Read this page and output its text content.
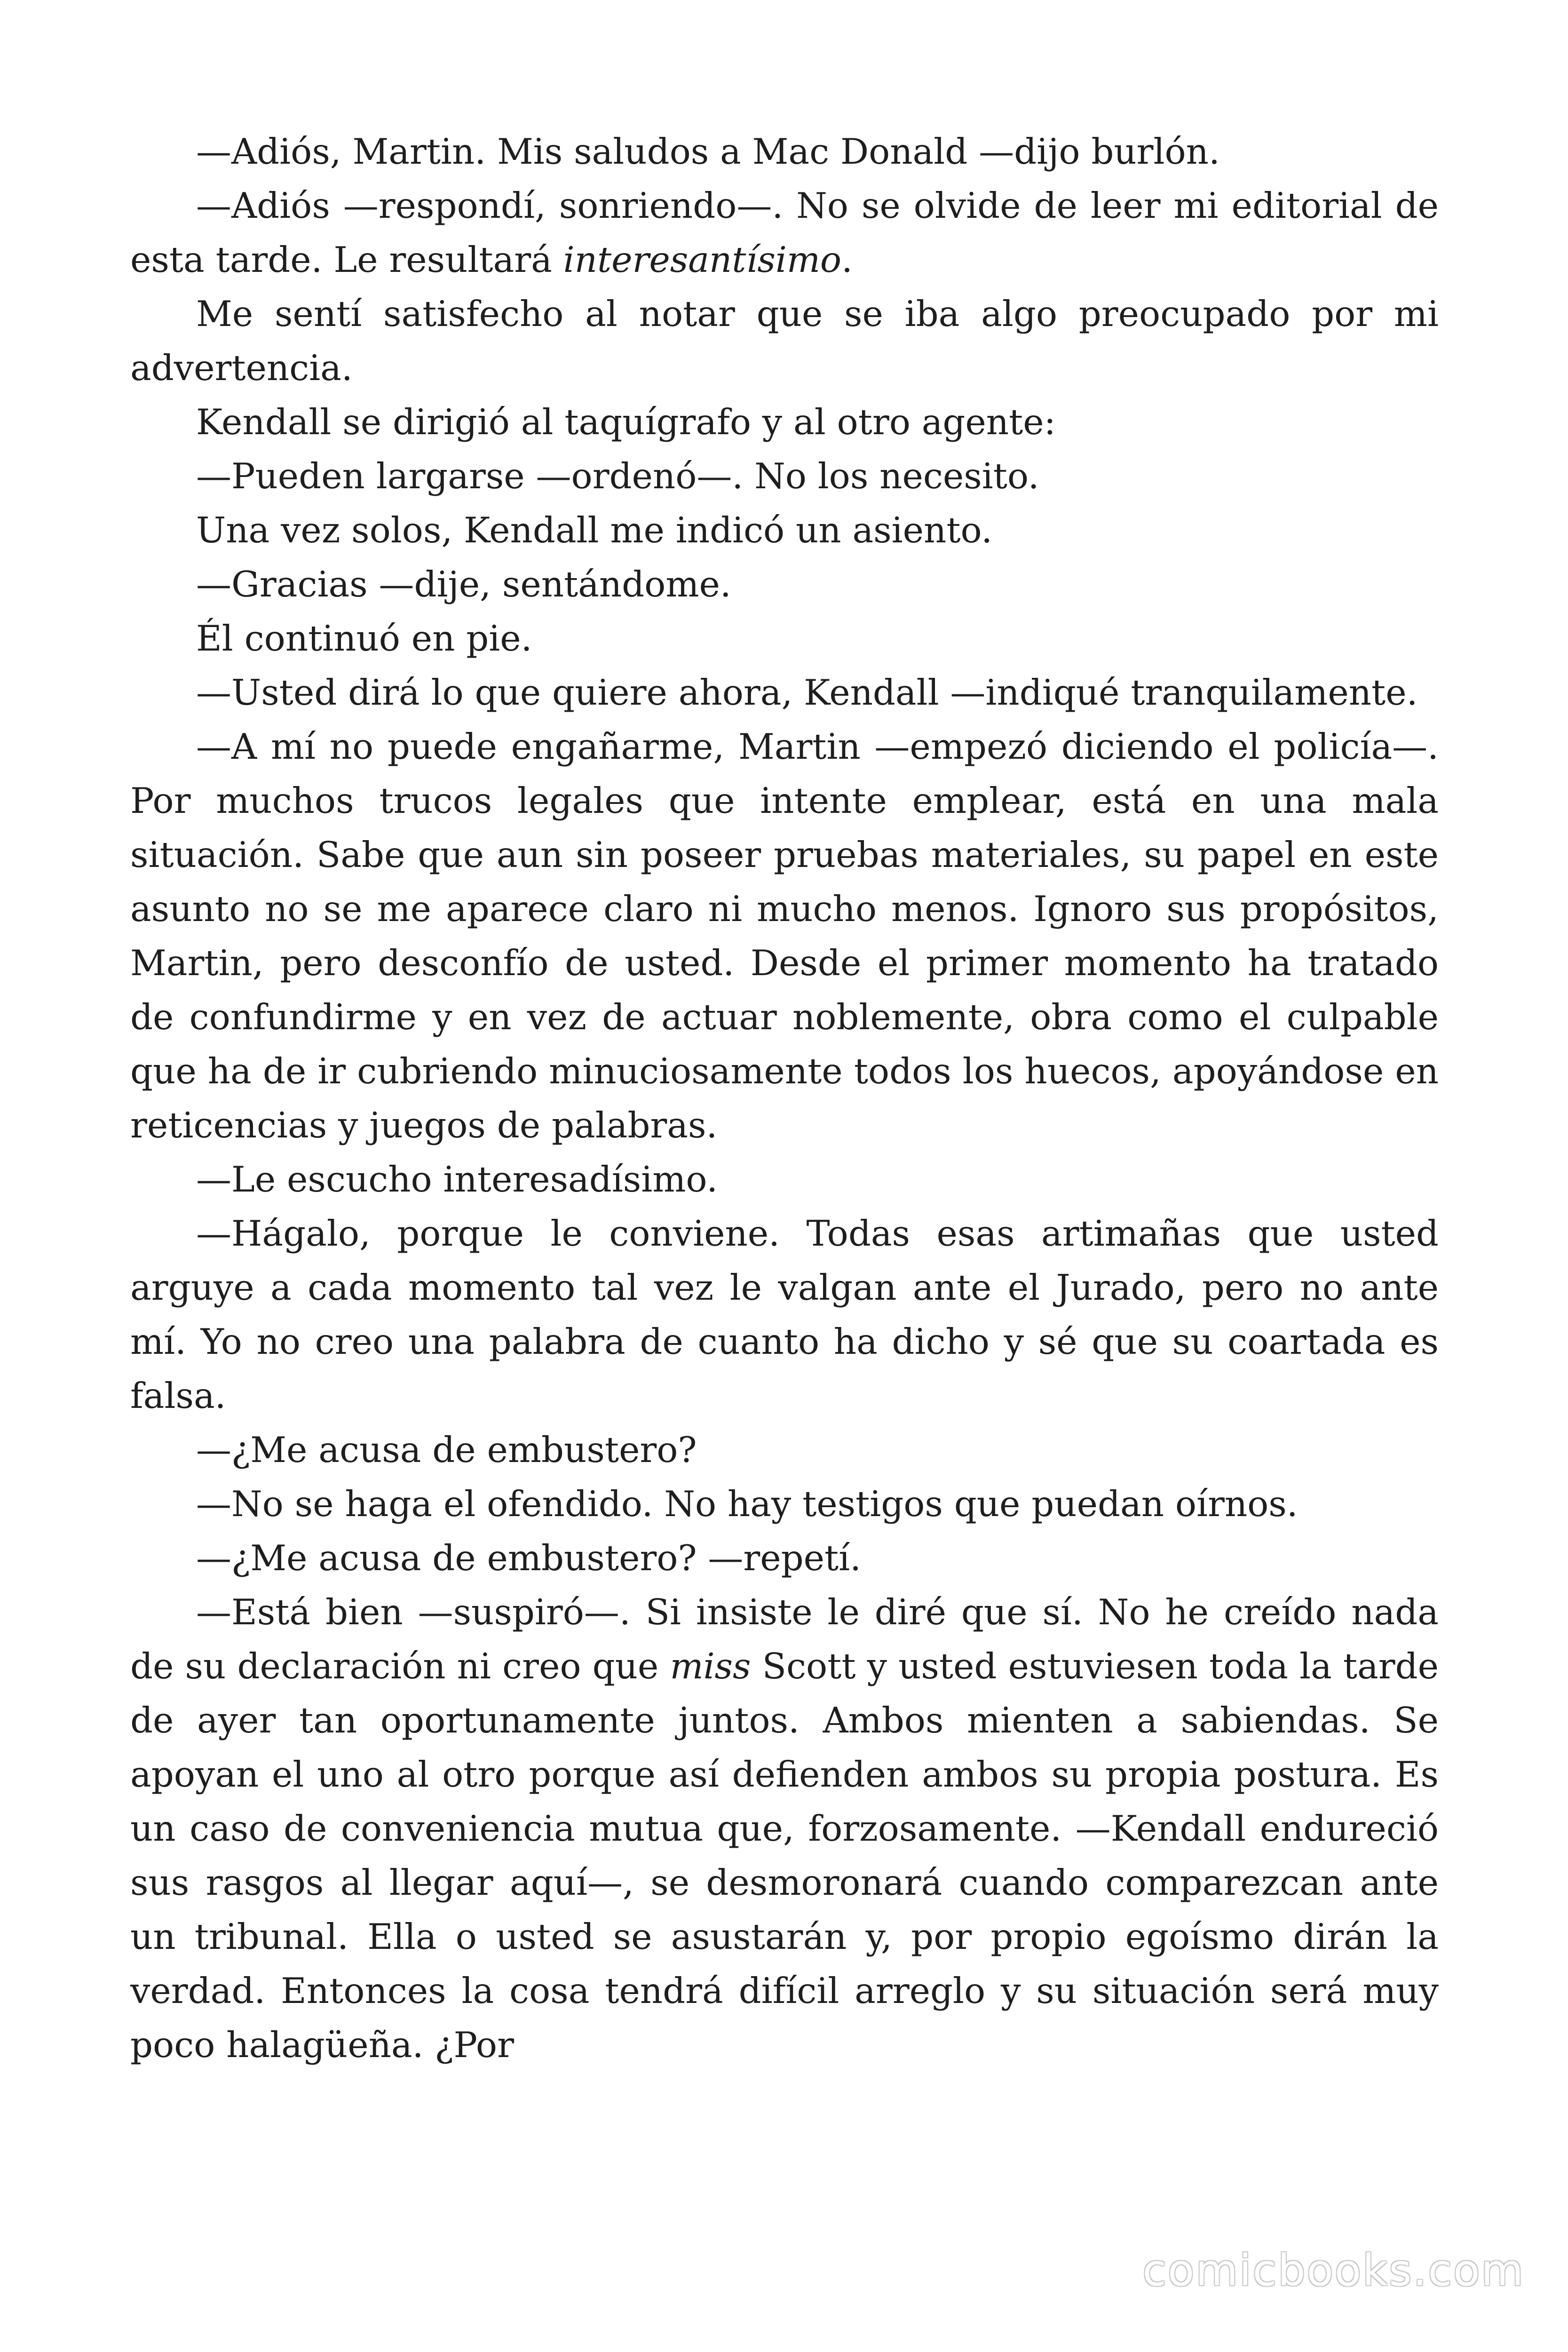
—Adiós, Martin. Mis saludos a Mac Donald —dijo burlón.

—Adiós —respondí, sonriendo—. No se olvide de leer mi editorial de esta tarde. Le resultará interesantísimo.

Me sentí satisfecho al notar que se iba algo preocupado por mi advertencia.

Kendall se dirigió al taquígrafo y al otro agente:

—Pueden largarse —ordenó—. No los necesito.

Una vez solos, Kendall me indicó un asiento.

—Gracias —dije, sentándome.

Él continuó en pie.

—Usted dirá lo que quiere ahora, Kendall —indiqué tranquilamente.

—A mí no puede engañarme, Martin —empezó diciendo el policía—. Por muchos trucos legales que intente emplear, está en una mala situación. Sabe que aun sin poseer pruebas materiales, su papel en este asunto no se me aparece claro ni mucho menos. Ignoro sus propósitos, Martin, pero desconfío de usted. Desde el primer momento ha tratado de confundirme y en vez de actuar noblemente, obra como el culpable que ha de ir cubriendo minuciosamente todos los huecos, apoyándose en reticencias y juegos de palabras.

—Le escucho interesadísimo.

—Hágalo, porque le conviene. Todas esas artimañas que usted arguye a cada momento tal vez le valgan ante el Jurado, pero no ante mí. Yo no creo una palabra de cuanto ha dicho y sé que su coartada es falsa.

—¿Me acusa de embustero?

—No se haga el ofendido. No hay testigos que puedan oírnos.

—¿Me acusa de embustero? —repetí.

—Está bien —suspiró—. Si insiste le diré que sí. No he creído nada de su declaración ni creo que miss Scott y usted estuviesen toda la tarde de ayer tan oportunamente juntos. Ambos mienten a sabiendas. Se apoyan el uno al otro porque así defienden ambos su propia postura. Es un caso de conveniencia mutua que, forzosamente. —Kendall endureció sus rasgos al llegar aquí—, se desmoronará cuando comparezcan ante un tribunal. Ella o usted se asustarán y, por propio egoísmo dirán la verdad. Entonces la cosa tendrá difícil arreglo y su situación será muy poco halagüeña. ¿Por

comicbooks.com
